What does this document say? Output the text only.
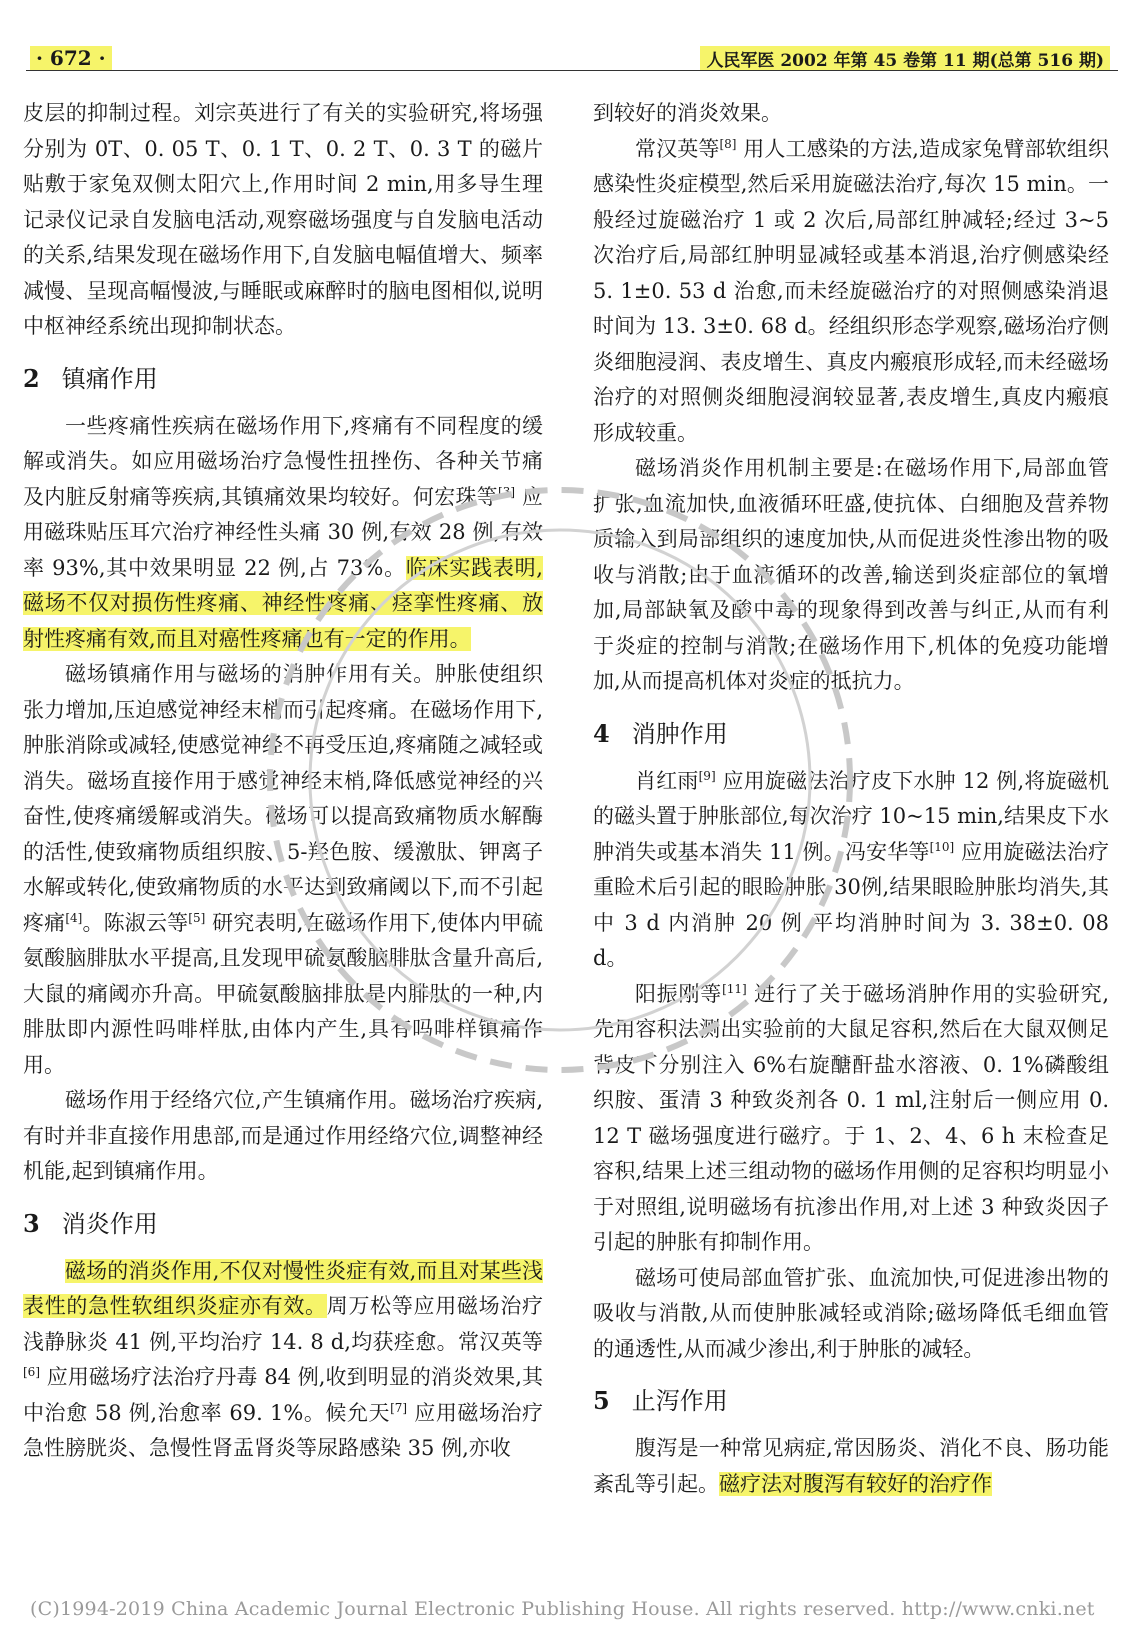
· 672 ·	人民军医 2002 年第 45 卷第 11 期(总第 516 期)

皮层的抑制过程。刘宗英进行了有关的实验研究,将场强分别为 0T、0. 05 T、0. 1 T、0. 2 T、0. 3 T 的磁片贴敷于家兔双侧太阳穴上,作用时间 2 min,用多导生理记录仪记录自发脑电活动,观察磁场强度与自发脑电活动的关系,结果发现在磁场作用下,自发脑电幅值增大、频率减慢、呈现高幅慢波,与睡眠或麻醉时的脑电图相似,说明中枢神经系统出现抑制状态。

2 镇痛作用

一些疼痛性疾病在磁场作用下,疼痛有不同程度的缓解或消失。如应用磁场治疗急慢性扭挫伤、各种关节痛及内脏反射痛等疾病,其镇痛效果均较好。何宏珠等[3] 应用磁珠贴压耳穴治疗神经性头痛 30 例,有效 28 例,有效率 93%,其中效果明显 22 例,占 73%。临床实践表明,磁场不仅对损伤性疼痛、神经性疼痛、痉挛性疼痛、放射性疼痛有效,而且对癌性疼痛也有一定的作用。

磁场镇痛作用与磁场的消肿作用有关。肿胀使组织张力增加,压迫感觉神经末梢而引起疼痛。在磁场作用下,肿胀消除或减轻,使感觉神经不再受压迫,疼痛随之减轻或消失。磁场直接作用于感觉神经末梢,降低感觉神经的兴奋性,使疼痛缓解或消失。磁场可以提高致痛物质水解酶的活性,使致痛物质组织胺、5-羟色胺、缓激肽、钾离子水解或转化,使致痛物质的水平达到致痛阈以下,而不引起疼痛[4]。陈淑云等[5] 研究表明,在磁场作用下,使体内甲硫氨酸脑腓肽水平提高,且发现甲硫氨酸脑腓肽含量升高后,大鼠的痛阈亦升高。甲硫氨酸脑排肽是内腓肽的一种,内腓肽即内源性吗啡样肽,由体内产生,具有吗啡样镇痛作用。

磁场作用于经络穴位,产生镇痛作用。磁场治疗疾病,有时并非直接作用患部,而是通过作用经络穴位,调整神经机能,起到镇痛作用。

3 消炎作用

磁场的消炎作用,不仅对慢性炎症有效,而且对某些浅表性的急性软组织炎症亦有效。周万松等应用磁场治疗浅静脉炎 41 例,平均治疗 14. 8 d,均获痊愈。常汉英等[6] 应用磁场疗法治疗丹毒 84 例,收到明显的消炎效果,其中治愈 58 例,治愈率 69. 1%。候允天[7] 应用磁场治疗急性膀胱炎、急慢性肾盂肾炎等尿路感染 35 例,亦收

到较好的消炎效果。

常汉英等[8] 用人工感染的方法,造成家兔臂部软组织感染性炎症模型,然后采用旋磁法治疗,每次 15 min。一般经过旋磁治疗 1 或 2 次后,局部红肿减轻;经过 3~5 次治疗后,局部红肿明显减轻或基本消退,治疗侧感染经 5. 1±0. 53 d 治愈,而未经旋磁治疗的对照侧感染消退时间为 13. 3±0. 68 d。经组织形态学观察,磁场治疗侧炎细胞浸润、表皮增生、真皮内瘢痕形成轻,而未经磁场治疗的对照侧炎细胞浸润较显著,表皮增生,真皮内瘢痕形成较重。

磁场消炎作用机制主要是:在磁场作用下,局部血管扩张,血流加快,血液循环旺盛,使抗体、白细胞及营养物质输入到局部组织的速度加快,从而促进炎性渗出物的吸收与消散;由于血液循环的改善,输送到炎症部位的氧增加,局部缺氧及酸中毒的现象得到改善与纠正,从而有利于炎症的控制与消散;在磁场作用下,机体的免疫功能增加,从而提高机体对炎症的抵抗力。

4 消肿作用

肖红雨[9] 应用旋磁法治疗皮下水肿 12 例,将旋磁机的磁头置于肿胀部位,每次治疗 10~15 min,结果皮下水肿消失或基本消失 11 例。冯安华等[10] 应用旋磁法治疗重睑术后引起的眼睑肿胀 30例,结果眼睑肿胀均消失,其中 3 d 内消肿 20 例,平均消肿时间为 3. 38±0. 08 d。

阳振刚等[11] 进行了关于磁场消肿作用的实验研究,先用容积法测出实验前的大鼠足容积,然后在大鼠双侧足背皮下分别注入 6%右旋醣酐盐水溶液、0. 1%磷酸组织胺、蛋清 3 种致炎剂各 0. 1 ml,注射后一侧应用 0. 12 T 磁场强度进行磁疗。于 1、2、4、6 h 末检查足容积,结果上述三组动物的磁场作用侧的足容积均明显小于对照组,说明磁场有抗渗出作用,对上述 3 种致炎因子引起的肿胀有抑制作用。

磁场可使局部血管扩张、血流加快,可促进渗出物的吸收与消散,从而使肿胀减轻或消除;磁场降低毛细血管的通透性,从而减少渗出,利于肿胀的减轻。

5 止泻作用

腹泻是一种常见病症,常因肠炎、消化不良、肠功能紊乱等引起。磁疗法对腹泻有较好的治疗作

(C)1994-2019 China Academic Journal Electronic Publishing House. All rights reserved. http://www.cnki.net
